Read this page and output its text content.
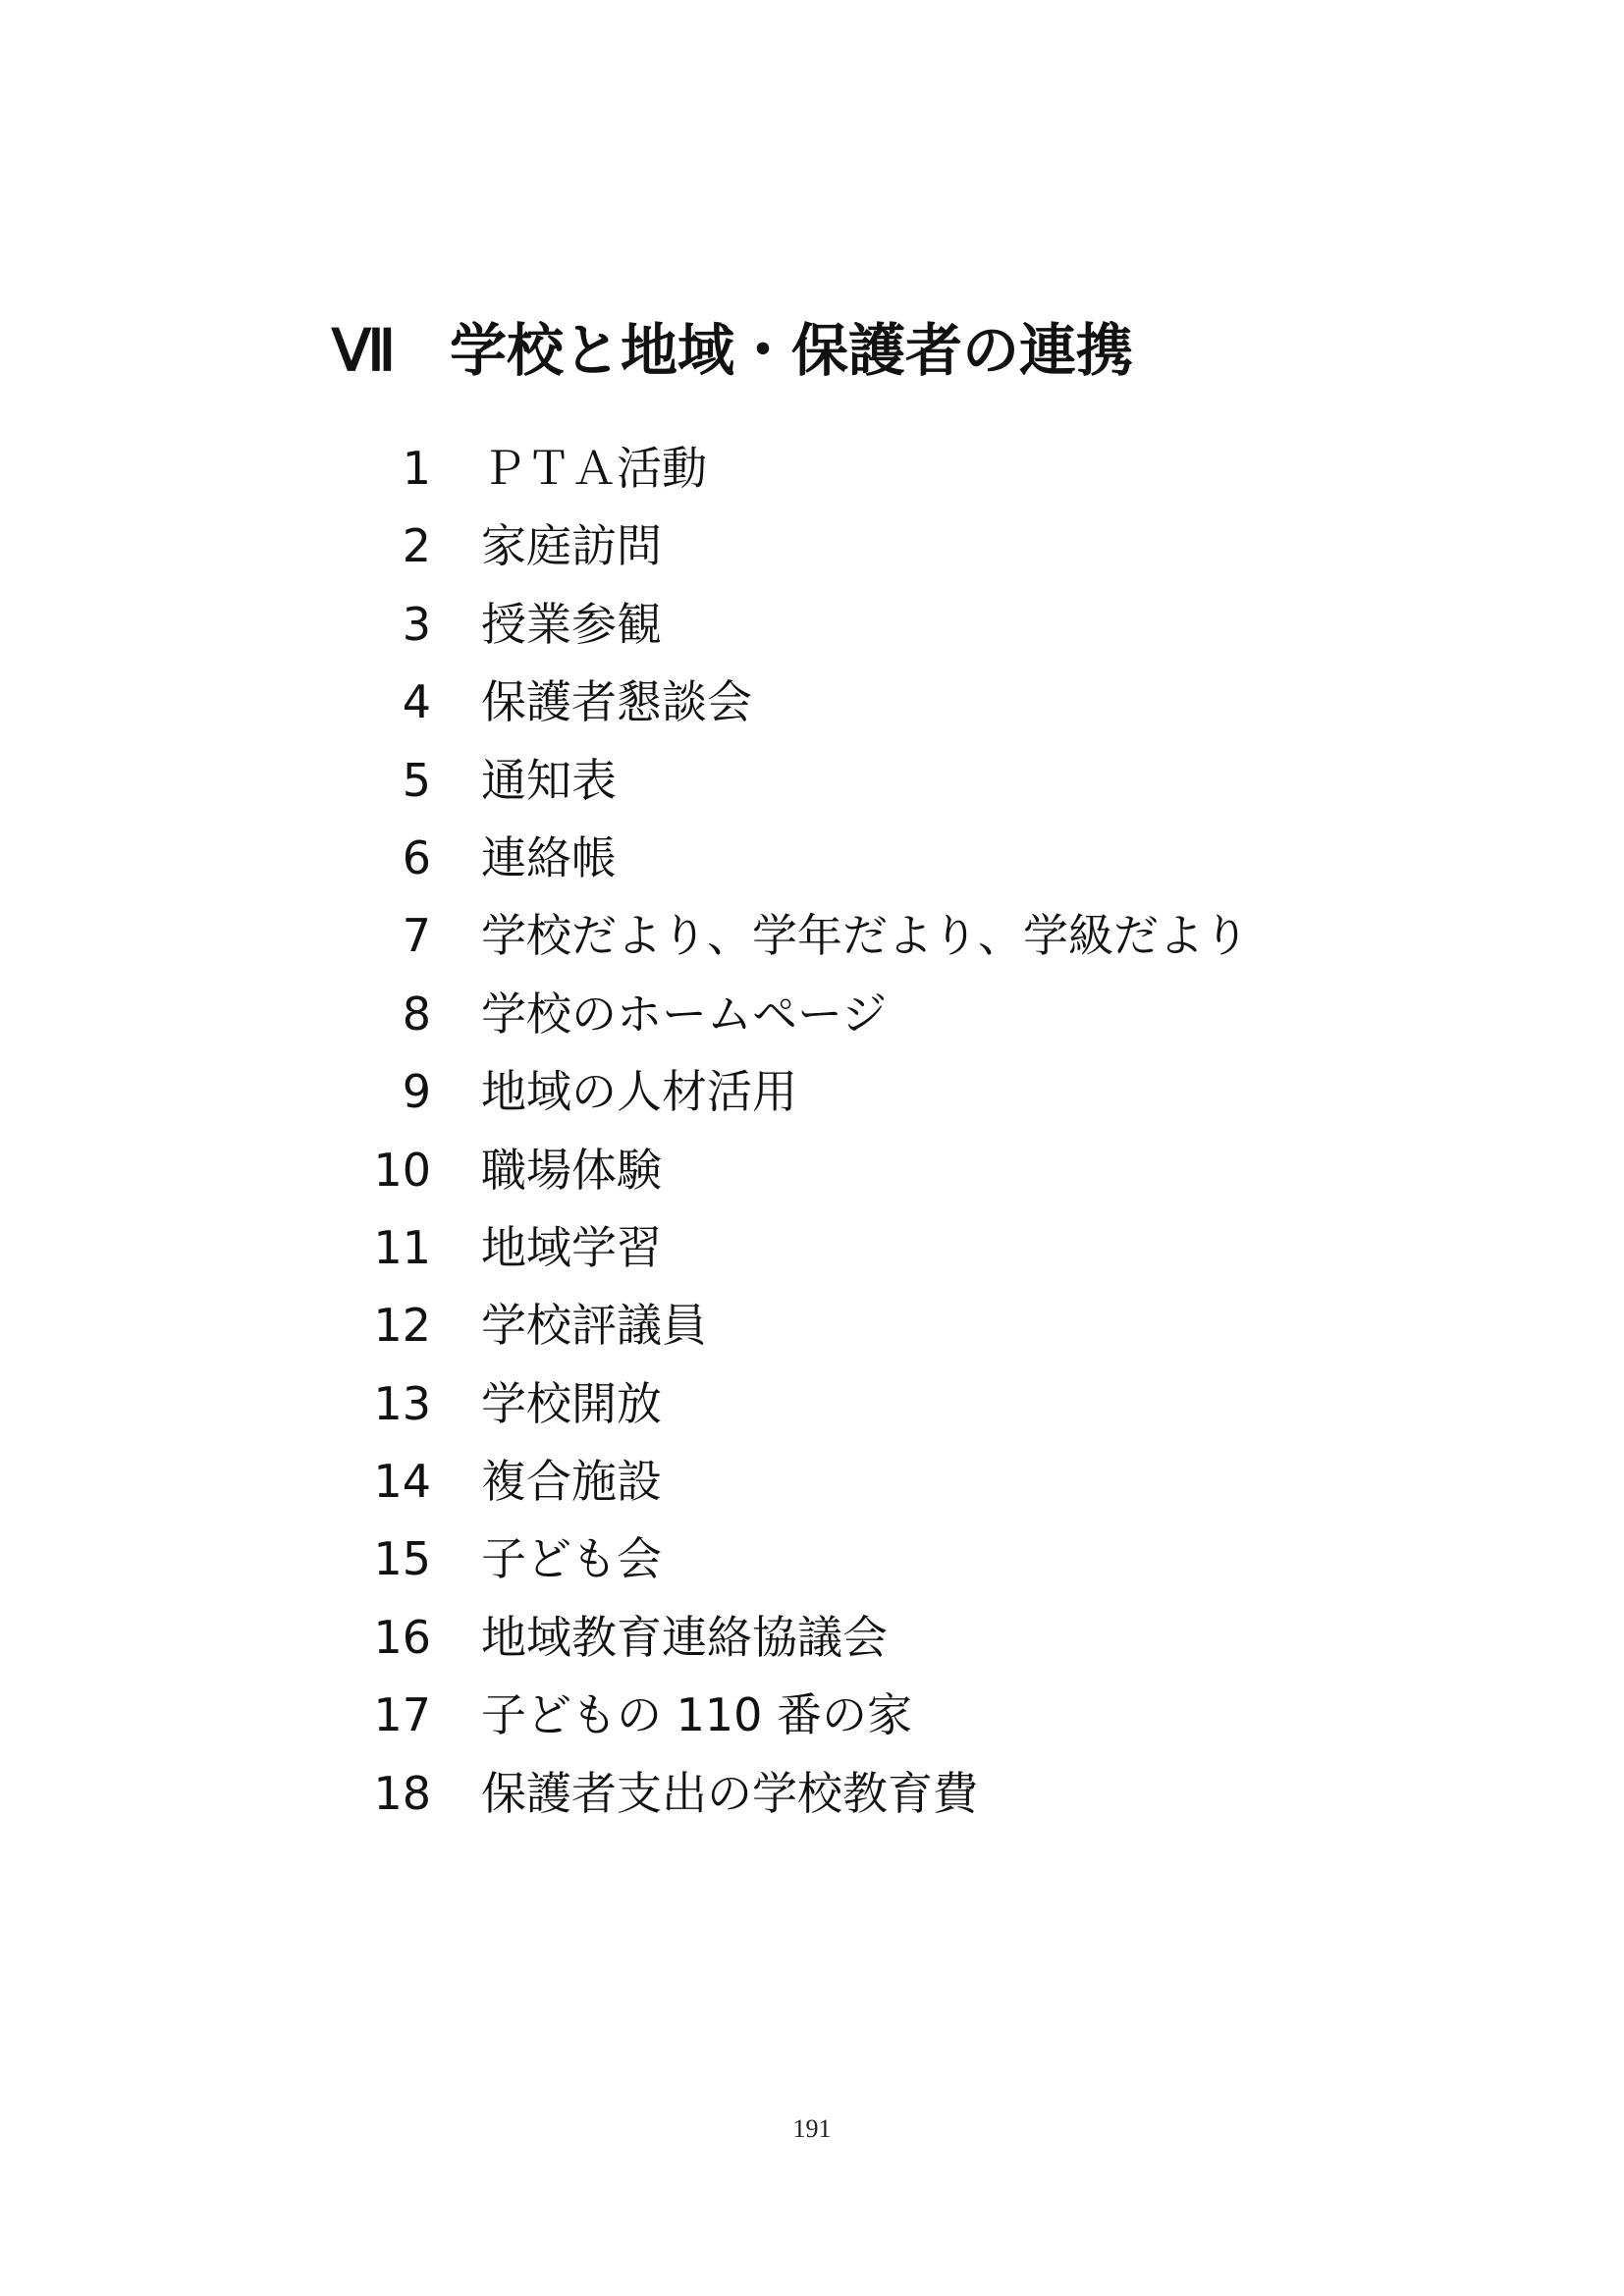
Ⅶ 学校と地域・保護者の連携
1 ＰＴＡ活動
2 家庭訪問
3 授業参観
4 保護者懇談会
5 通知表
6 連絡帳
7 学校だより、学年だより、学級だより
8 学校のホームページ
9 地域の人材活用
10 職場体験
11 地域学習
12 学校評議員
13 学校開放
14 複合施設
15 子ども会
16 地域教育連絡協議会
17 子どもの 110 番の家
18 保護者支出の学校教育費
191
